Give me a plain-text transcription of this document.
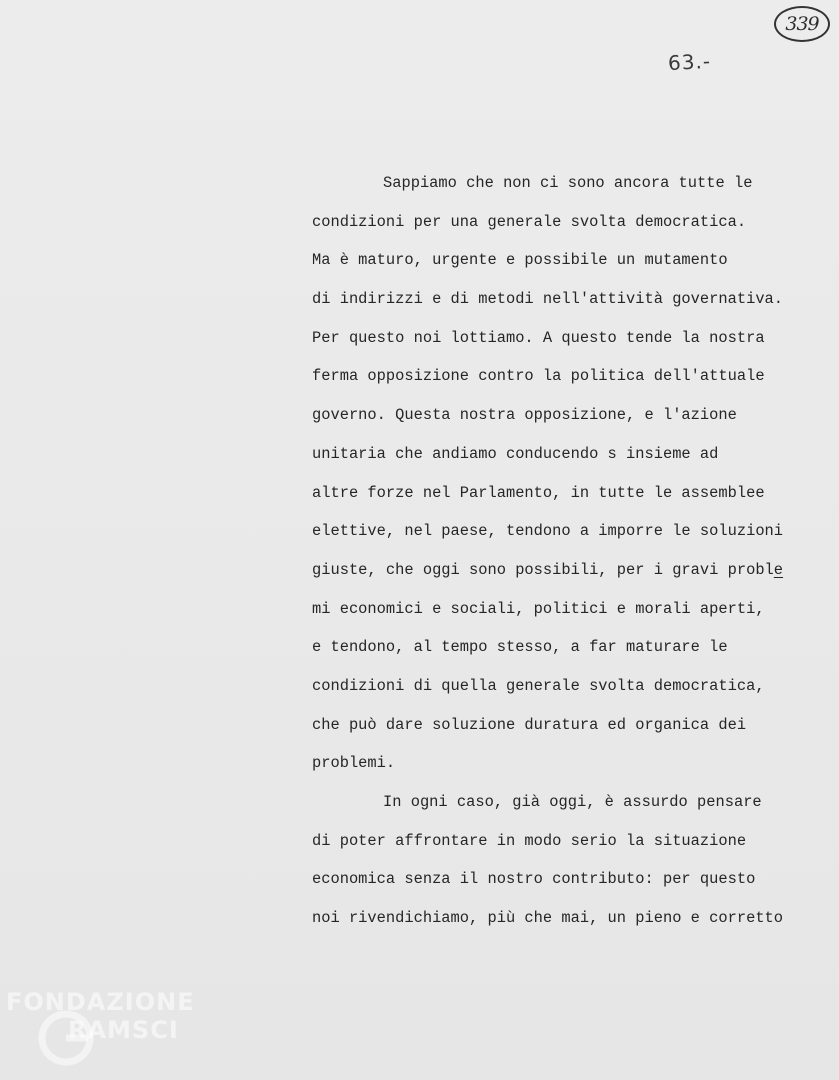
339
63.-
Sappiamo che non ci sono ancora tutte le
condizioni per una generale svolta democratica.
Ma è maturo, urgente e possibile un mutamento
di indirizzi e di metodi nell'attività governativa.
Per questo noi lottiamo. A questo tende la nostra
ferma opposizione contro la politica dell'attuale
governo. Questa nostra opposizione, e l'azione
unitaria che andiamo conducendo s insieme ad
altre forze nel Parlamento, in tutte le assemblee
elettive, nel paese, tendono a imporre le soluzioni
giuste, che oggi sono possibili, per i gravi proble
mi economici e sociali, politici e morali aperti,
e tendono, al tempo stesso, a far maturare le
condizioni di quella generale svolta democratica,
che può dare soluzione duratura ed organica dei
problemi.
In ogni caso, già oggi, è assurdo pensare
di poter affrontare in modo serio la situazione
economica senza il nostro contributo: per questo
noi rivendichiamo, più che mai, un pieno e corretto
FONDAZIONE
RAMSCI
